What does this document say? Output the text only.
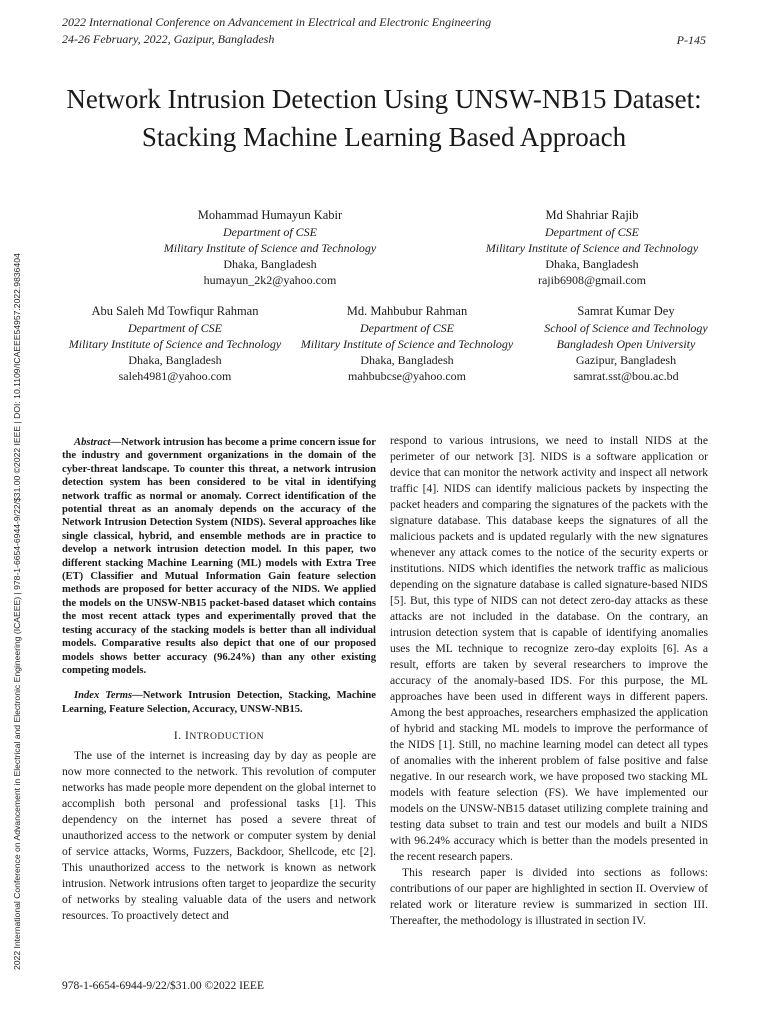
2022 International Conference on Advancement in Electrical and Electronic Engineering
24-26 February, 2022, Gazipur, Bangladesh	P-145
2022 International Conference on Advancement in Electrical and Electronic Engineering (ICAEEE) | 978-1-6654-6944-9/22/$31.00 ©2022 IEEE | DOI: 10.1109/ICAEEE54957.2022.9836404
Network Intrusion Detection Using UNSW-NB15 Dataset: Stacking Machine Learning Based Approach
Mohammad Humayun Kabir
Department of CSE
Military Institute of Science and Technology
Dhaka, Bangladesh
humayun_2k2@yahoo.com
Md Shahriar Rajib
Department of CSE
Military Institute of Science and Technology
Dhaka, Bangladesh
rajib6908@gmail.com
Abu Saleh Md Towfiqur Rahman
Department of CSE
Military Institute of Science and Technology
Dhaka, Bangladesh
saleh4981@yahoo.com
Md. Mahbubur Rahman
Department of CSE
Military Institute of Science and Technology
Dhaka, Bangladesh
mahbubcse@yahoo.com
Samrat Kumar Dey
School of Science and Technology
Bangladesh Open University
Gazipur, Bangladesh
samrat.sst@bou.ac.bd

Abstract—Network intrusion has become a prime concern issue for the industry and government organizations in the domain of the cyber-threat landscape. To counter this threat, a network intrusion detection system has been considered to be vital in identifying network traffic as normal or anomaly. Correct identification of the potential threat as an anomaly depends on the accuracy of the Network Intrusion Detection System (NIDS). Several approaches like single classical, hybrid, and ensemble methods are in practice to develop a network intrusion detection model. In this paper, two different stacking Machine Learning (ML) models with Extra Tree (ET) Classifier and Mutual Information Gain feature selection methods are proposed for better accuracy of the NIDS. We applied the models on the UNSW-NB15 packet-based dataset which contains the most recent attack types and experimentally proved that the testing accuracy of the stacking models is better than all individual models. Comparative results also depict that one of our proposed models shows better accuracy (96.24%) than any other existing competing models.

Index Terms—Network Intrusion Detection, Stacking, Machine Learning, Feature Selection, Accuracy, UNSW-NB15.

I. INTRODUCTION

The use of the internet is increasing day by day as people are now more connected to the network. This revolution of computer networks has made people more dependent on the global internet to accomplish both personal and professional tasks [1]. This dependency on the internet has posed a severe threat of unauthorized access to the network or computer system by denial of service attacks, Worms, Fuzzers, Backdoor, Shellcode, etc [2]. This unauthorized access to the network is known as network intrusion. Network intrusions often target to jeopardize the security of networks by stealing valuable data of the users and network resources. To proactively detect and

respond to various intrusions, we need to install NIDS at the perimeter of our network [3]. NIDS is a software application or device that can monitor the network activity and inspect all network traffic [4]. NIDS can identify malicious packets by inspecting the packet headers and comparing the signatures of the packets with the signature database. This database keeps the signatures of all the malicious packets and is updated regularly with the new signatures whenever any attack comes to the notice of the security experts or institutions. NIDS which identifies the network traffic as malicious depending on the signature database is called signature-based NIDS [5]. But, this type of NIDS can not detect zero-day attacks as these attacks are not included in the database. On the contrary, an intrusion detection system that is capable of identifying anomalies uses the ML technique to recognize zero-day exploits [6]. As a result, efforts are taken by several researchers to improve the accuracy of the anomaly-based IDS. For this purpose, the ML approaches have been used in different ways in different papers. Among the best approaches, researchers emphasized the application of hybrid and stacking ML models to improve the performance of the NIDS [1]. Still, no machine learning model can detect all types of anomalies with the inherent problem of false positive and false negative. In our research work, we have proposed two stacking ML models with feature selection (FS). We have implemented our models on the UNSW-NB15 dataset utilizing complete training and testing data subset to train and test our models and built a NIDS with 96.24% accuracy which is better than the models presented in the recent research papers.

This research paper is divided into sections as follows: contributions of our paper are highlighted in section II. Overview of related work or literature review is summarized in section III. Thereafter, the methodology is illustrated in section IV.

978-1-6654-6944-9/22/$31.00 ©2022 IEEE
